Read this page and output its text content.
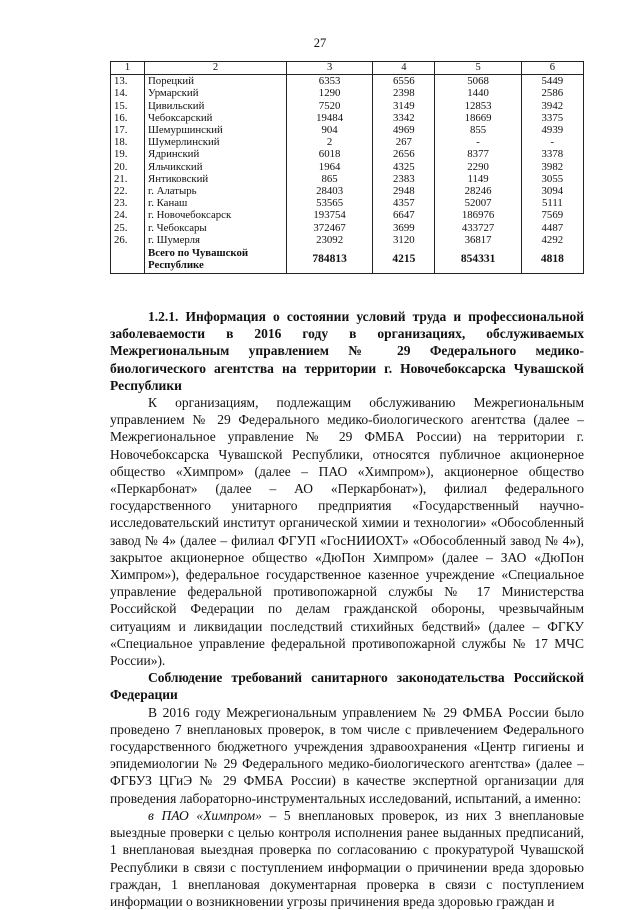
27
1	2	3	4	5	6
13.	Порецкий	6353	6556	5068	5449
14.	Урмарский	1290	2398	1440	2586
15.	Цивильский	7520	3149	12853	3942
16.	Чебоксарский	19484	3342	18669	3375
17.	Шемуршинский	904	4969	855	4939
18.	Шумерлинский	2	267	-	-
19.	Ядринский	6018	2656	8377	3378
20.	Яльчикский	1964	4325	2290	3982
21.	Янтиковский	865	2383	1149	3055
22.	г. Алатырь	28403	2948	28246	3094
23.	г. Канаш	53565	4357	52007	5111
24.	г. Новочебоксарск	193754	6647	186976	7569
25.	г. Чебоксары	372467	3699	433727	4487
26.	г. Шумерля	23092	3120	36817	4292
	Всего по Чувашской Республике	784813	4215	854331	4818

1.2.1. Информация о состоянии условий труда и профессиональной заболеваемости в 2016 году в организациях, обслуживаемых Межрегиональным управлением № 29 Федерального медико-биологического агентства на территории г. Новочебоксарска Чувашской Республики

К организациям, подлежащим обслуживанию Межрегиональным управлением № 29 Федерального медико-биологического агентства (далее – Межрегиональное управление № 29 ФМБА России) на территории г. Новочебоксарска Чувашской Республики, относятся публичное акционерное общество «Химпром» (далее – ПАО «Химпром»), акционерное общество «Перкарбонат» (далее – АО «Перкарбонат»), филиал федерального государственного унитарного предприятия «Государственный научно-исследовательский институт органической химии и технологии» «Обособленный завод № 4» (далее – филиал ФГУП «ГосНИИОХТ» «Обособленный завод № 4»), закрытое акционерное общество «ДюПон Химпром» (далее – ЗАО «ДюПон Химпром»), федеральное государственное казенное учреждение «Специальное управление федеральной противопожарной службы № 17 Министерства Российской Федерации по делам гражданской обороны, чрезвычайным ситуациям и ликвидации последствий стихийных бедствий» (далее – ФГКУ «Специальное управление федеральной противопожарной службы № 17 МЧС России»).

Соблюдение требований санитарного законодательства Российской Федерации

В 2016 году Межрегиональным управлением № 29 ФМБА России было проведено 7 внеплановых проверок, в том числе с привлечением Федерального государственного бюджетного учреждения здравоохранения «Центр гигиены и эпидемиологии № 29 Федерального медико-биологического агентства» (далее – ФГБУЗ ЦГиЭ № 29 ФМБА России) в качестве экспертной организации для проведения лабораторно-инструментальных исследований, испытаний, а именно:

в ПАО «Химпром» – 5 внеплановых проверок, из них 3 внеплановые выездные проверки с целью контроля исполнения ранее выданных предписаний, 1 внеплановая выездная проверка по согласованию с прокуратурой Чувашской Республики в связи с поступлением информации о причинении вреда здоровью граждан, 1 внеплановая документарная проверка в связи с поступлением информации о возникновении угрозы причинения вреда здоровью граждан и
